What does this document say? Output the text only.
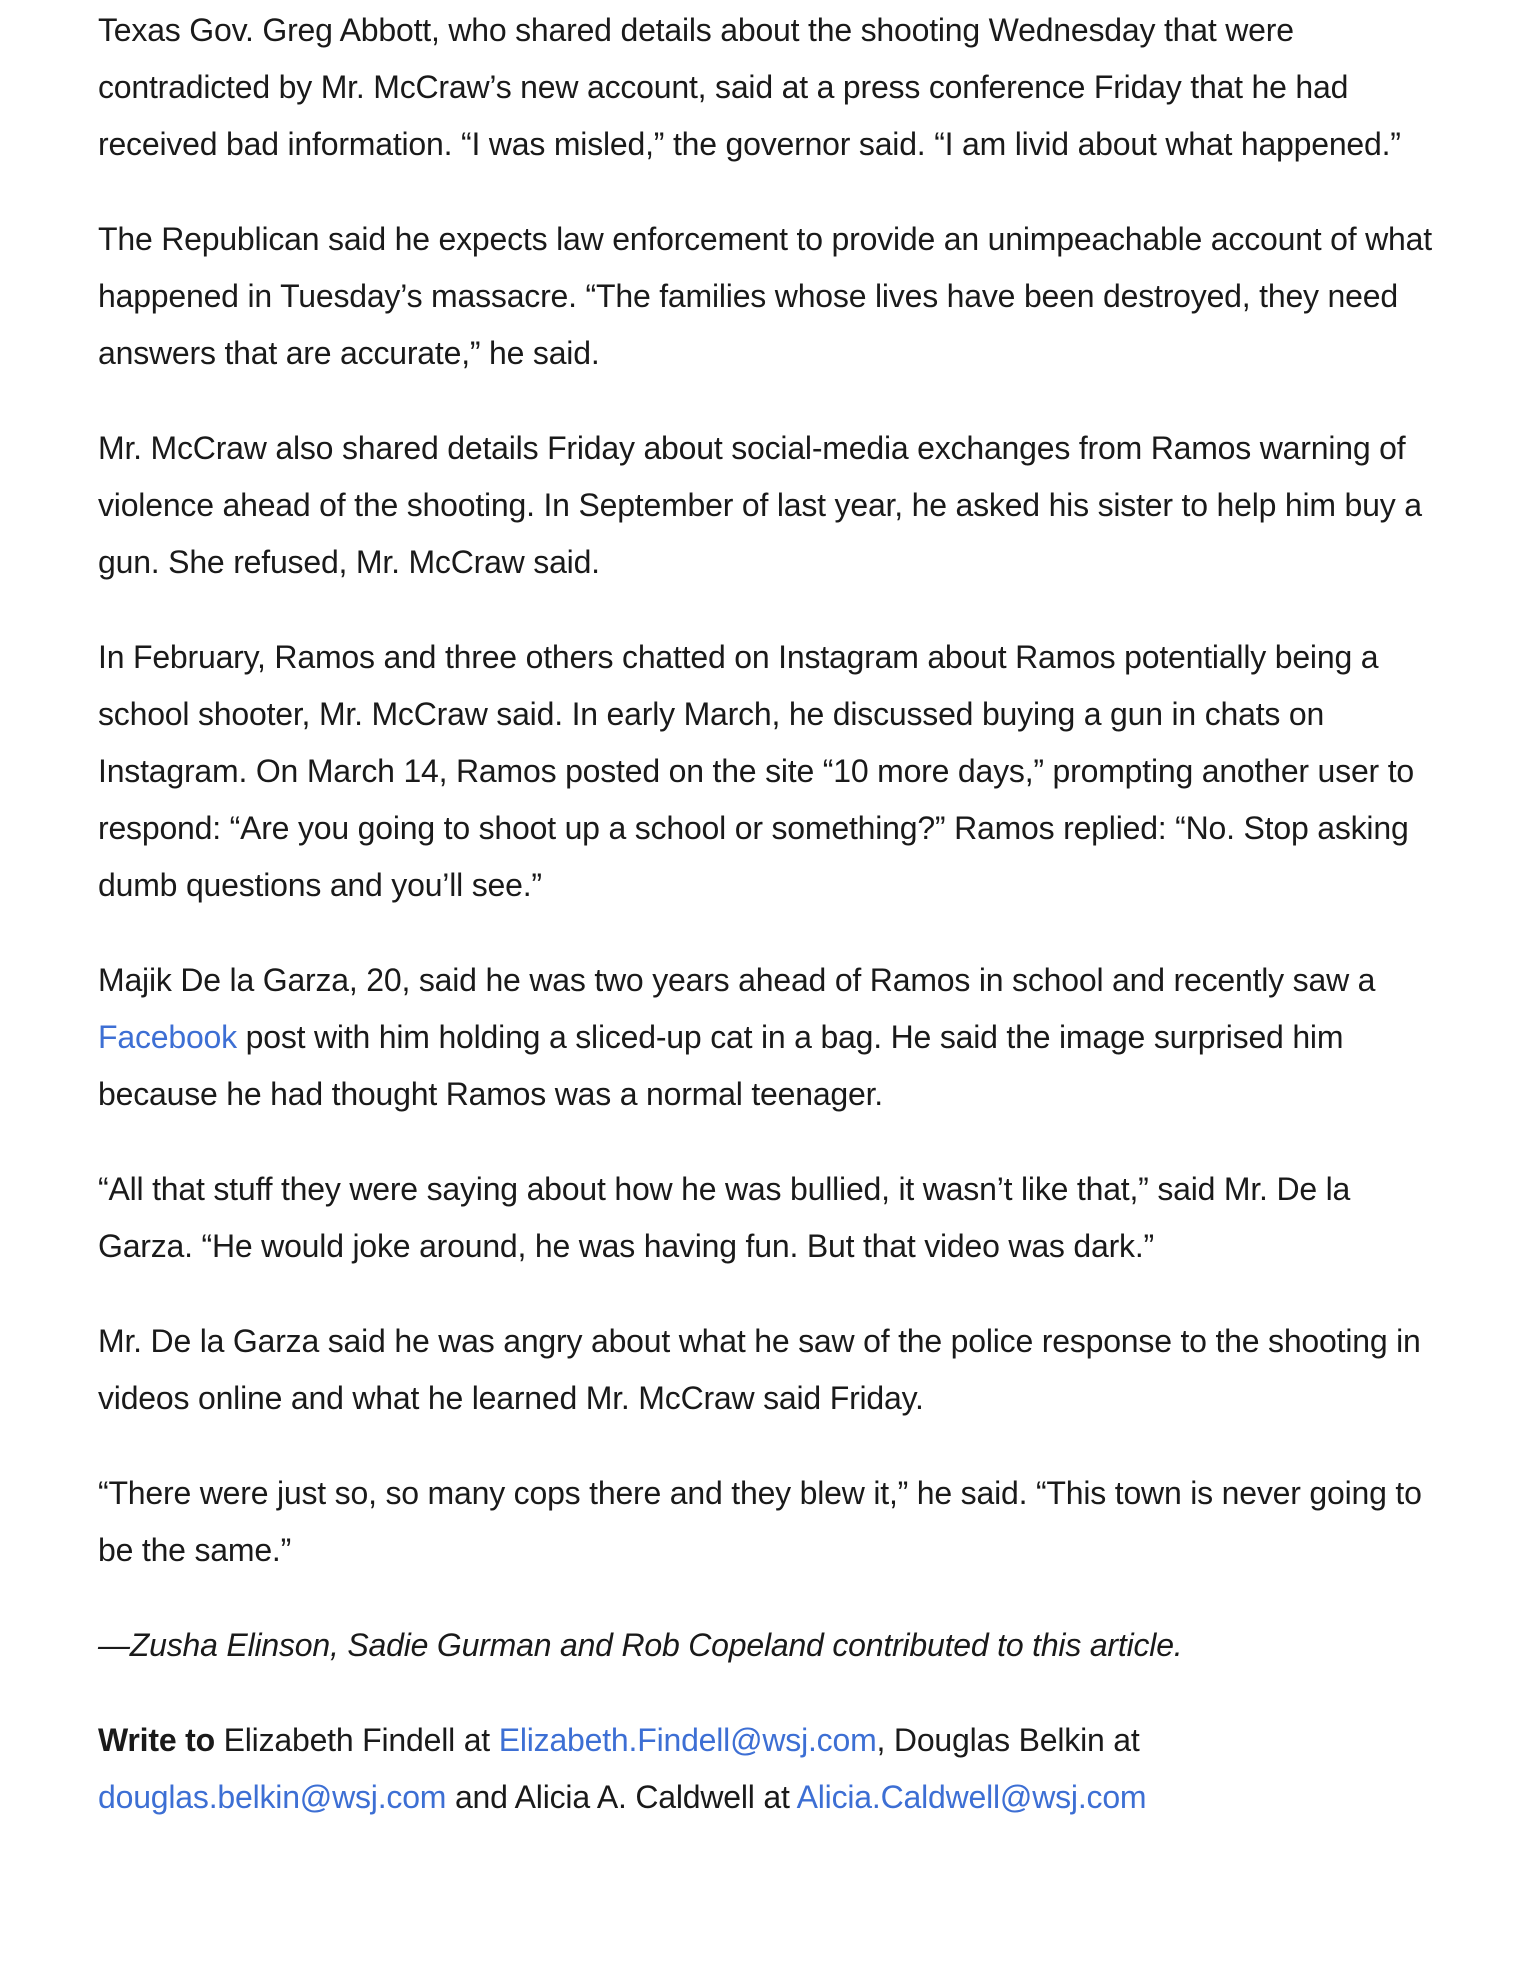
Texas Gov. Greg Abbott, who shared details about the shooting Wednesday that were contradicted by Mr. McCraw’s new account, said at a press conference Friday that he had received bad information. “I was misled,” the governor said. “I am livid about what happened.”

The Republican said he expects law enforcement to provide an unimpeachable account of what happened in Tuesday’s massacre. “The families whose lives have been destroyed, they need answers that are accurate,” he said.

Mr. McCraw also shared details Friday about social-media exchanges from Ramos warning of violence ahead of the shooting. In September of last year, he asked his sister to help him buy a gun. She refused, Mr. McCraw said.

In February, Ramos and three others chatted on Instagram about Ramos potentially being a school shooter, Mr. McCraw said. In early March, he discussed buying a gun in chats on Instagram. On March 14, Ramos posted on the site “10 more days,” prompting another user to respond: “Are you going to shoot up a school or something?” Ramos replied: “No. Stop asking dumb questions and you’ll see.”

Majik De la Garza, 20, said he was two years ahead of Ramos in school and recently saw a Facebook post with him holding a sliced-up cat in a bag. He said the image surprised him because he had thought Ramos was a normal teenager.

“All that stuff they were saying about how he was bullied, it wasn’t like that,” said Mr. De la Garza. “He would joke around, he was having fun. But that video was dark.”

Mr. De la Garza said he was angry about what he saw of the police response to the shooting in videos online and what he learned Mr. McCraw said Friday.

“There were just so, so many cops there and they blew it,” he said. “This town is never going to be the same.”

—Zusha Elinson, Sadie Gurman and Rob Copeland contributed to this article.

Write to Elizabeth Findell at Elizabeth.Findell@wsj.com, Douglas Belkin at douglas.belkin@wsj.com and Alicia A. Caldwell at Alicia.Caldwell@wsj.com
